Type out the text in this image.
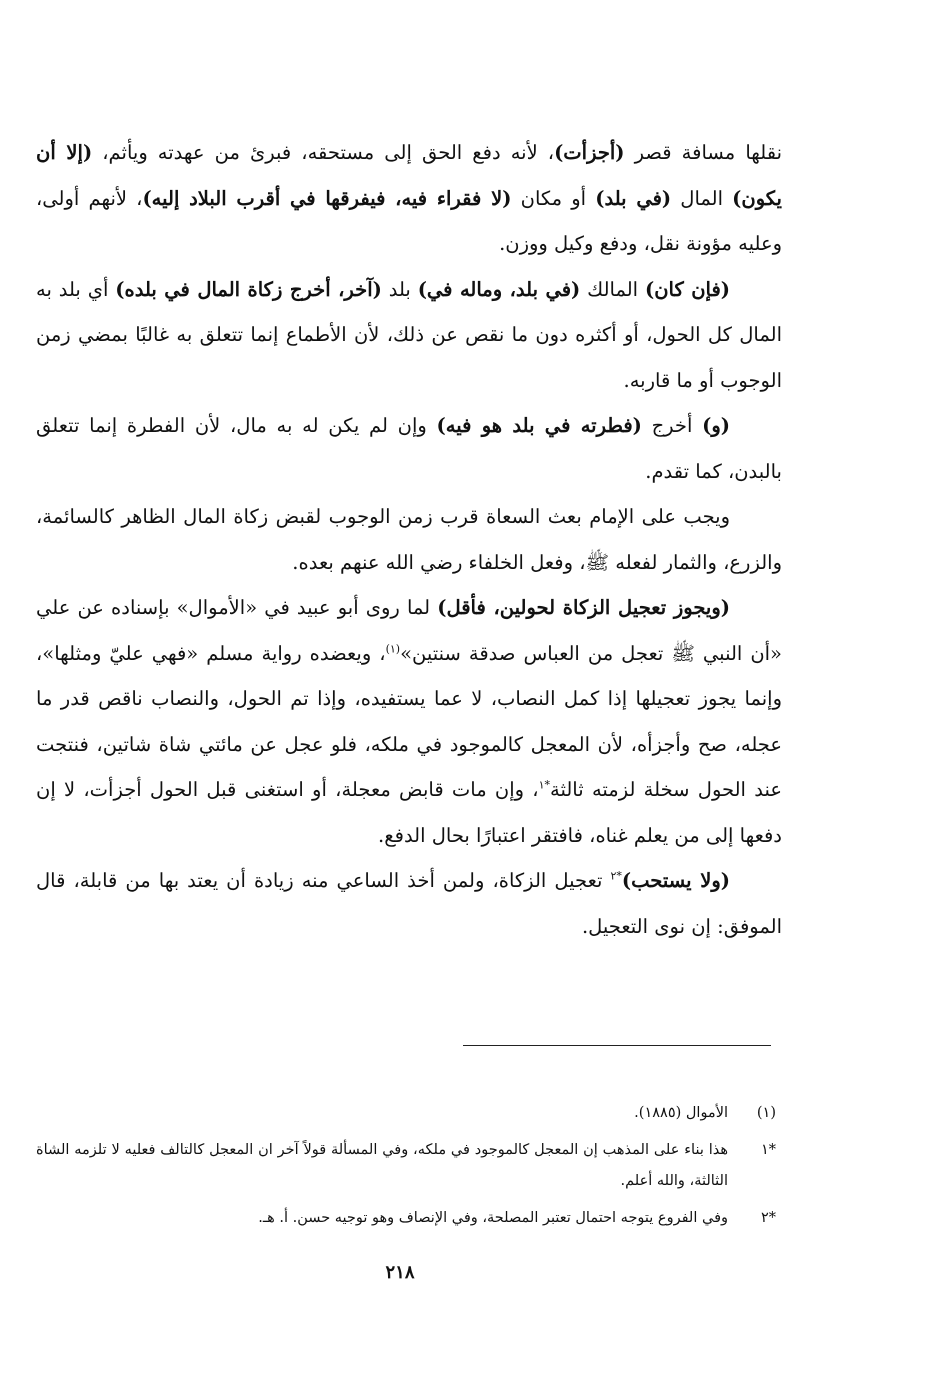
نقلها مسافة قصر (أجزأت)، لأنه دفع الحق إلى مستحقه، فبرئ من عهدته ويأثم، (إلا أن يكون) المال (في بلد) أو مكان (لا فقراء فيه، فيفرقها في أقرب البلاد إليه)، لأنهم أولى، وعليه مؤونة نقل، ودفع وكيل ووزن.

(فإن كان) المالك (في بلد، وماله في) بلد (آخر، أخرج زكاة المال في بلده) أي بلد به المال كل الحول، أو أكثره دون ما نقص عن ذلك، لأن الأطماع إنما تتعلق به غالبًا بمضي زمن الوجوب أو ما قاربه.

(و) أخرج (فطرته في بلد هو فيه) وإن لم يكن له به مال، لأن الفطرة إنما تتعلق بالبدن، كما تقدم.

ويجب على الإمام بعث السعاة قرب زمن الوجوب لقبض زكاة المال الظاهر كالسائمة، والزرع، والثمار لفعله ﷺ، وفعل الخلفاء رضي الله عنهم بعده.

(ويجوز تعجيل الزكاة لحولين، فأقل) لما روى أبو عبيد في «الأموال» بإسناده عن علي «أن النبي ﷺ تعجل من العباس صدقة سنتين»$^{(١)}$، ويعضده رواية مسلم «فهي عليّ ومثلها»، وإنما يجوز تعجيلها إذا كمل النصاب، لا عما يستفيده، وإذا تم الحول، والنصاب ناقص قدر ما عجله، صح وأجزأه، لأن المعجل كالموجود في ملكه، فلو عجل عن مائتي شاة شاتين، فنتجت عند الحول سخلة لزمته ثالثة$^{*١}$، وإن مات قابض معجلة، أو استغنى قبل الحول أجزأت، لا إن دفعها إلى من يعلم غناه، فافتقر اعتبارًا بحال الدفع.

(ولا يستحب)$^{*٢}$ تعجيل الزكاة، ولمن أخذ الساعي منه زيادة أن يعتد بها من قابلة، قال الموفق: إن نوى التعجيل.

(١)
الأموال (١٨٨٥).
*١
هذا بناء على المذهب إن المعجل كالموجود في ملكه، وفي المسألة قولاً آخر ان المعجل كالتالف فعليه لا تلزمه الشاة الثالثة، والله أعلم.
*٢
وفي الفروع يتوجه احتمال تعتبر المصلحة، وفي الإنصاف وهو توجيه حسن. أ. هـ.
٢١٨
